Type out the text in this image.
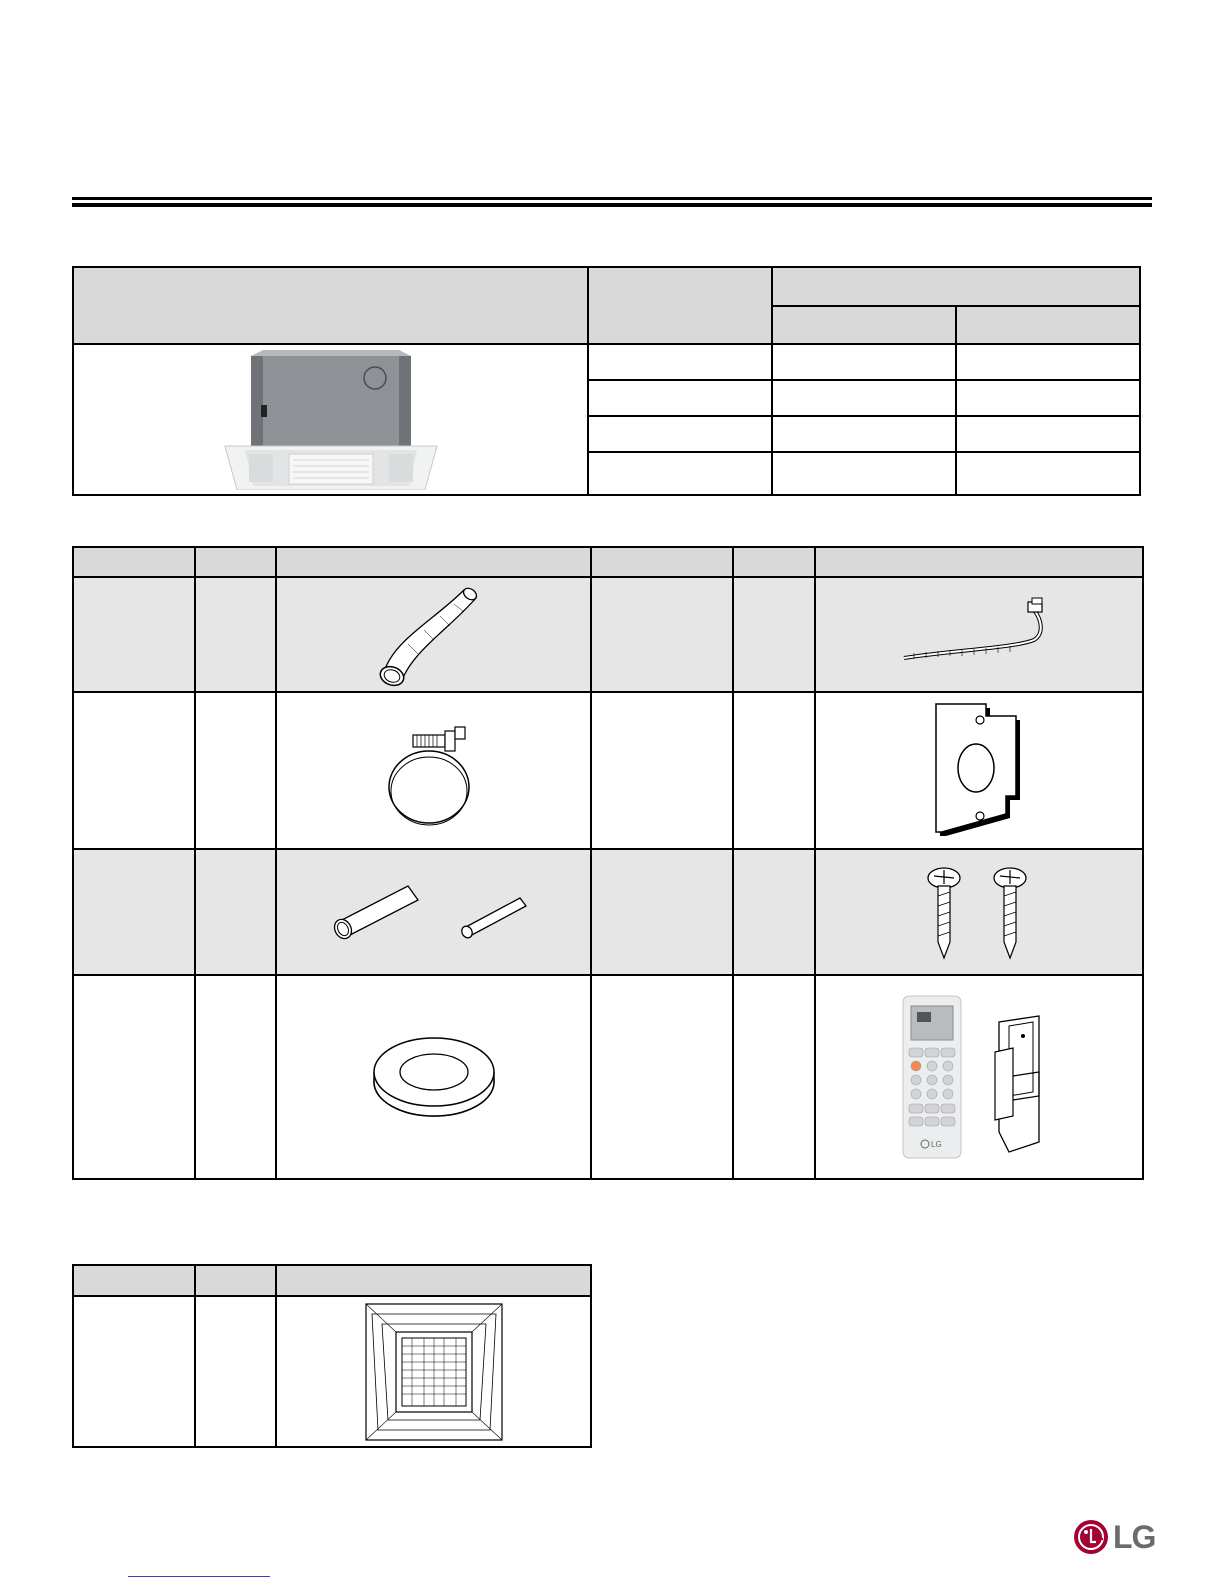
LG

LG
